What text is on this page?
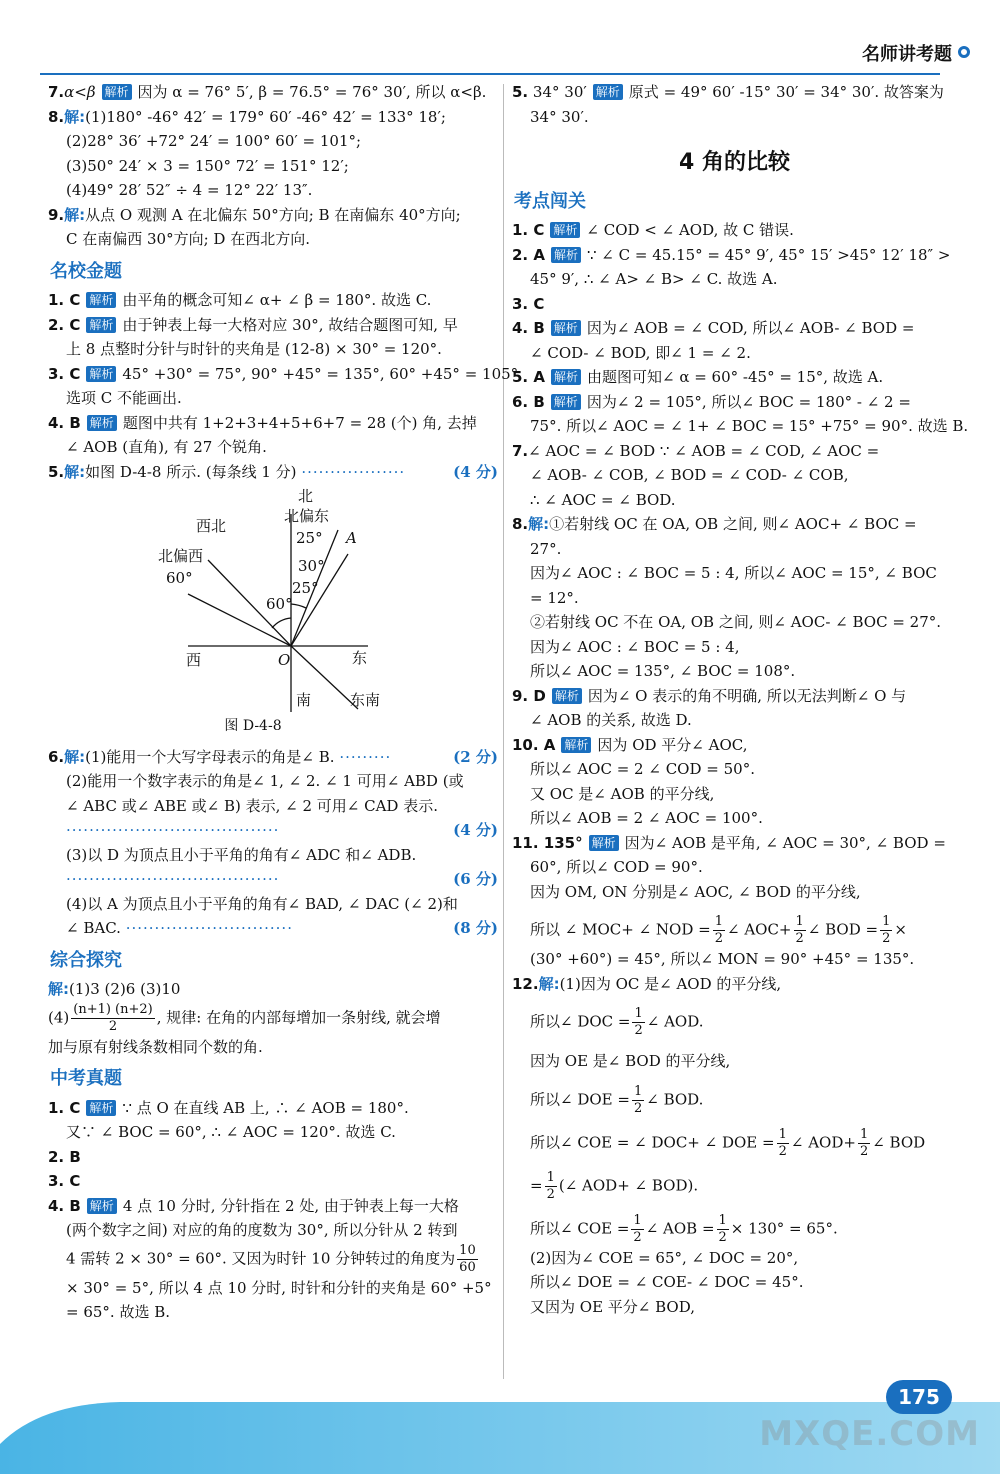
名师讲考题
7.α<β 解析 因为 α = 76° 5′, β = 76.5° = 76° 30′, 所以 α<β.
8.解:(1)180° -46° 42′ = 179° 60′ -46° 42′ = 133° 18′;
(2)28° 36′ +72° 24′ = 100° 60′ = 101°;
(3)50° 24′ × 3 = 150° 72′ = 151° 12′;
(4)49° 28′ 52″ ÷ 4 = 12° 22′ 13″.
9.解:从点 O 观测 A 在北偏东 50°方向; B 在南偏东 40°方向;
C 在南偏西 30°方向; D 在西北方向.
名校金题
1. C 解析 由平角的概念可知∠ α+ ∠ β = 180°. 故选 C.
2. C 解析 由于钟表上每一大格对应 30°, 故结合题图可知, 早
上 8 点整时分针与时针的夹角是 (12-8) × 30° = 120°.
3. C 解析 45° +30° = 75°, 90° +45° = 135°, 60° +45° = 105°,
选项 C 不能画出.
4. B 解析 题图中共有 1+2+3+4+5+6+7 = 28 (个) 角, 去掉
∠ AOB (直角), 有 27 个锐角.
5.解:如图 D-4-8 所示. (每条线 1 分) ··················	(4 分)
北
北偏东
A
西北
北偏西
60°
25°
30°
25°
60°
西	O	东
南	东南
图 D-4-8
6.解:(1)能用一个大写字母表示的角是∠ B. ·········	(2 分)
(2)能用一个数字表示的角是∠ 1, ∠ 2. ∠ 1 可用∠ ABD (或
∠ ABC 或∠ ABE 或∠ B) 表示, ∠ 2 可用∠ CAD 表示.
·····································	(4 分)
(3)以 D 为顶点且小于平角的角有∠ ADC 和∠ ADB.
·····································	(6 分)
(4)以 A 为顶点且小于平角的角有∠ BAD, ∠ DAC (∠ 2)和
∠ BAC. ·····························	(8 分)
综合探究
解:(1)3 (2)6 (3)10
$(4) \frac{(n+1) (n+2)}{2}$ , 规律: 在角的内部每增加一条射线, 就会增
加与原有射线条数相同个数的角.
中考真题
1. C 解析 ∵ 点 O 在直线 AB 上, ∴ ∠ AOB = 180°.
又∵ ∠ BOC = 60°, ∴ ∠ AOC = 120°. 故选 C.
2. B
3. C
4. B 解析 4 点 10 分时, 分针指在 2 处, 由于钟表上每一大格
(两个数字之间) 对应的角的度数为 30°, 所以分针从 2 转到
4 需转 2 × 30° = 60°. 又因为时针 10 分钟转过的角度为 $\frac{10}{60}$
× 30° = 5°, 所以 4 点 10 分时, 时针和分针的夹角是 60° +5°
= 65°. 故选 B.
5. 34° 30′ 解析 原式 = 49° 60′ -15° 30′ = 34° 30′. 故答案为
34° 30′.
4 角的比较
考点闯关
1. C 解析 ∠ COD < ∠ AOD, 故 C 错误.
2. A 解析 ∵ ∠ C = 45.15° = 45° 9′, 45° 15′ >45° 12′ 18″ >
45° 9′, ∴ ∠ A> ∠ B> ∠ C. 故选 A.
3. C
4. B 解析 因为∠ AOB = ∠ COD, 所以∠ AOB- ∠ BOD =
∠ COD- ∠ BOD, 即∠ 1 = ∠ 2.
5. A 解析 由题图可知∠ α = 60° -45° = 15°, 故选 A.
6. B 解析 因为∠ 2 = 105°, 所以∠ BOC = 180° - ∠ 2 =
75°. 所以∠ AOC = ∠ 1+ ∠ BOC = 15° +75° = 90°. 故选 B.
7.∠ AOC = ∠ BOD ∵ ∠ AOB = ∠ COD, ∠ AOC =
∠ AOB- ∠ COB, ∠ BOD = ∠ COD- ∠ COB,
∴ ∠ AOC = ∠ BOD.
8.解:①若射线 OC 在 OA, OB 之间, 则∠ AOC+ ∠ BOC =
27°.
因为∠ AOC : ∠ BOC = 5 : 4, 所以∠ AOC = 15°, ∠ BOC
= 12°.
②若射线 OC 不在 OA, OB 之间, 则∠ AOC- ∠ BOC = 27°.
因为∠ AOC : ∠ BOC = 5 : 4,
所以∠ AOC = 135°, ∠ BOC = 108°.
9. D 解析 因为∠ O 表示的角不明确, 所以无法判断∠ O 与
∠ AOB 的关系, 故选 D.
10. A 解析 因为 OD 平分∠ AOC,
所以∠ AOC = 2 ∠ COD = 50°.
又 OC 是∠ AOB 的平分线,
所以∠ AOB = 2 ∠ AOC = 100°.
11. 135° 解析 因为∠ AOB 是平角, ∠ AOC = 30°, ∠ BOD =
60°, 所以∠ COD = 90°.
因为 OM, ON 分别是∠ AOC, ∠ BOD 的平分线,
所以 ∠ MOC+ ∠ NOD = $\frac{1}{2}$ ∠ $AOC+ \frac{1}{2}$ ∠ BOD = $\frac{1}{2}$ ×
(30° +60°) = 45°, 所以∠ MON = 90° +45° = 135°.
12.解:(1)因为 OC 是∠ AOD 的平分线,
所以∠ DOC = $\frac{1}{2}$ ∠ AOD.
因为 OE 是∠ BOD 的平分线,
所以∠ DOE = $\frac{1}{2}$ ∠ BOD.
所以∠ COE = ∠ DOC+ ∠ DOE = $\frac{1}{2}$ ∠ $AOD+ \frac{1}{2}$ ∠ BOD
= $\frac{1}{2}$ (∠ AOD+ ∠ BOD).
所以∠ COE = $\frac{1}{2}$ ∠ AOB = $\frac{1}{2} \times 130^\circ = 65^\circ$.
(2)因为∠ COE = 65°, ∠ DOC = 20°,
所以∠ DOE = ∠ COE- ∠ DOC = 45°.
又因为 OE 平分∠ BOD,
175
MXQE.COM
